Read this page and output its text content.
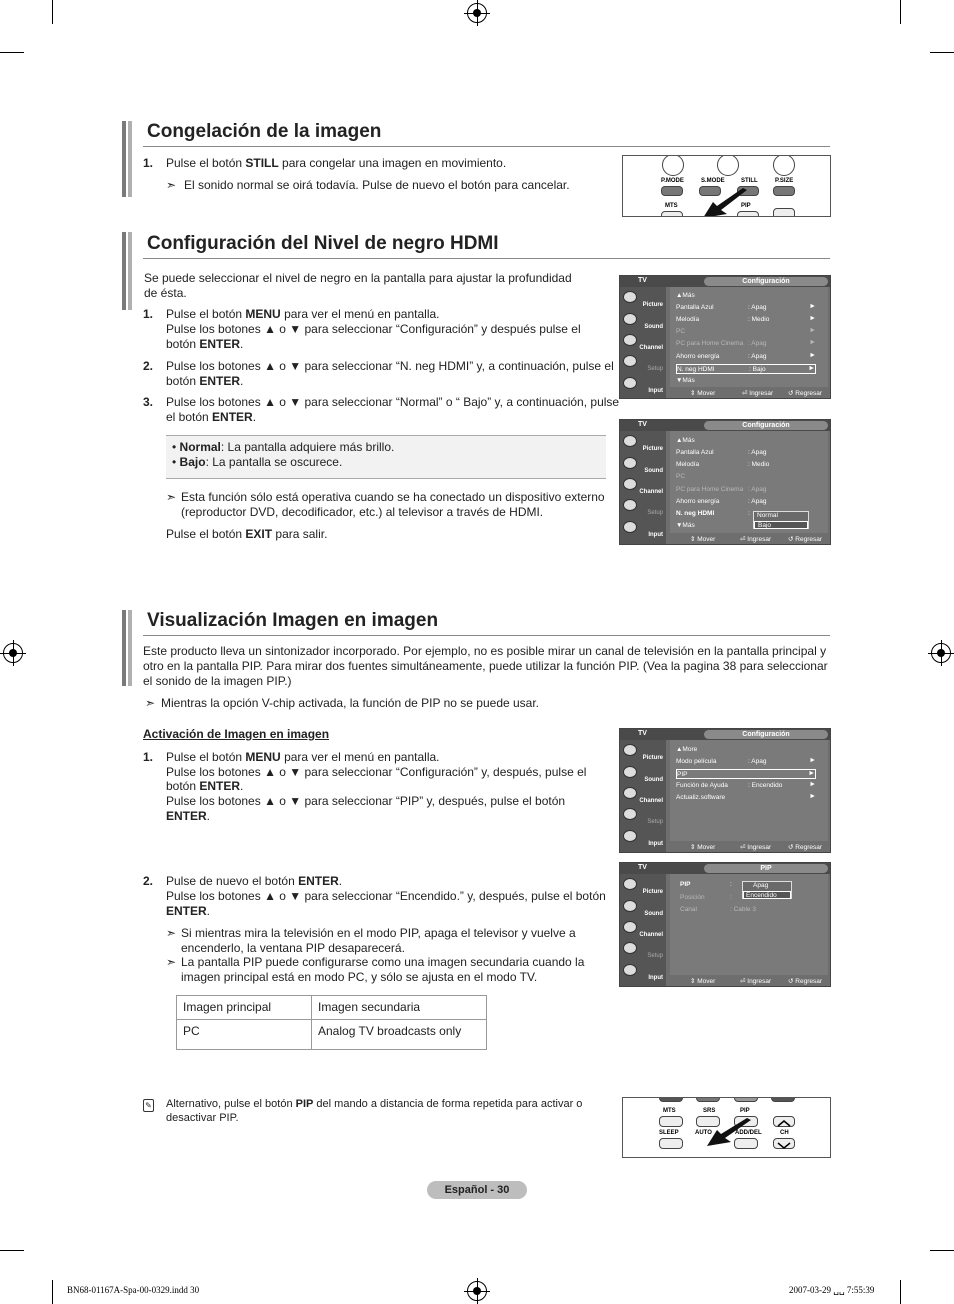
Congelación de la imagen
1. Pulse el botón STILL para congelar una imagen en movimiento.
➣ El sonido normal se oirá todavía. Pulse de nuevo el botón para cancelar.	P.MODE	S.MODE	STILL	P.SIZE
MTS	PIP
Configuración del Nivel de negro HDMI
Se puede seleccionar el nivel de negro en la pantalla para ajustar la profundidad
de ésta.
1. Pulse el botón MENU para ver el menú en pantalla.
Pulse los botones ▲ o ▼ para seleccionar “Configuración” y después pulse el
botón ENTER.
2. Pulse los botones ▲ o ▼ para seleccionar “N. neg HDMI” y, a continuación, pulse el
botón ENTER.
3. Pulse los botones ▲ o ▼ para seleccionar “Normal” o “ Bajo” y, a continuación, pulse
el botón ENTER.
• Normal: La pantalla adquiere más brillo.
• Bajo: La pantalla se oscurece.
➣ Esta función sólo está operativa cuando se ha conectado un dispositivo externo
(reproductor DVD, decodificador, etc.) al televisor a través de HDMI.
Pulse el botón EXIT para salir.
TV	Configuración
Picture
Sound
Channel
Setup
Input
▲Más
Pantalla Azul	: Apag	►
Melodía	: Medio	►
PC	►
PC para Home Cinema : Apag	►
Ahorro energía	: Apag	►
N. neg HDMI	: Bajo	►
▼Más
⇕ Mover	⏎ Ingresar ↺ Regresar
TV	Configuración
Picture
Sound
Channel
Setup
Input
▲Más
Pantalla Azul	: Apag
Melodía	: Medio
PC
PC para Home Cinema : Apag
Ahorro energía	: Apag
N. neg HDMI	:
▼Más
Normal
Bajo
⇕ Mover	⏎ Ingresar	↺ Regresar
Visualización Imagen en imagen
Este producto lleva un sintonizador incorporado. Por ejemplo, no es posible mirar un canal de televisión en la pantalla principal y
otro en la pantalla PIP. Para mirar dos fuentes simultáneamente, puede utilizar la función PIP. (Vea la pagina 38 para seleccionar
el sonido de la imagen PIP.)
➣ Mientras la opción V-chip activada, la función de PIP no se puede usar.
Activación de Imagen en imagen
1. Pulse el botón MENU para ver el menú en pantalla.
Pulse los botones ▲ o ▼ para seleccionar “Configuración” y, después, pulse el
botón ENTER.
Pulse los botones ▲ o ▼ para seleccionar “PIP” y, después, pulse el botón
ENTER.
2. Pulse de nuevo el botón ENTER.
Pulse los botones ▲ o ▼ para seleccionar “Encendido.” y, después, pulse el botón
ENTER.
➣ Si mientras mira la televisión en el modo PIP, apaga el televisor y vuelve a
encenderlo, la ventana PIP desaparecerá.
➣ La pantalla PIP puede configurarse como una imagen secundaria cuando la
imagen principal está en modo PC, y sólo se ajusta en el modo TV.
Imagen principal	Imagen secundaria
PC	Analog TV broadcasts only
TV	Configuración
Picture
Sound
Channel
Setup
Input
▲More
Modo película	: Apag	►
PIP	►
Función de Ayuda	: Encendido	►
Actualiz.software	►
⇕ Mover	⏎ Ingresar	↺ Regresar
TV	PIP
Picture
Sound
Channel
Setup
Input
PIP	:
Posición	:
Canal	: Cable 3
Apag
Encendido
⇕ Mover	⏎ Ingresar	↺ Regresar
✎ Alternativo, pulse el botón PIP del mando a distancia de forma repetida para activar o
desactivar PIP.
MTS	SRS	PIP
SLEEP	AUTO	ADD/DEL	CH
Español - 30
BN68-01167A-Spa-00-0329.indd 30	2007-03-29 ␣␣ 7:55:39
